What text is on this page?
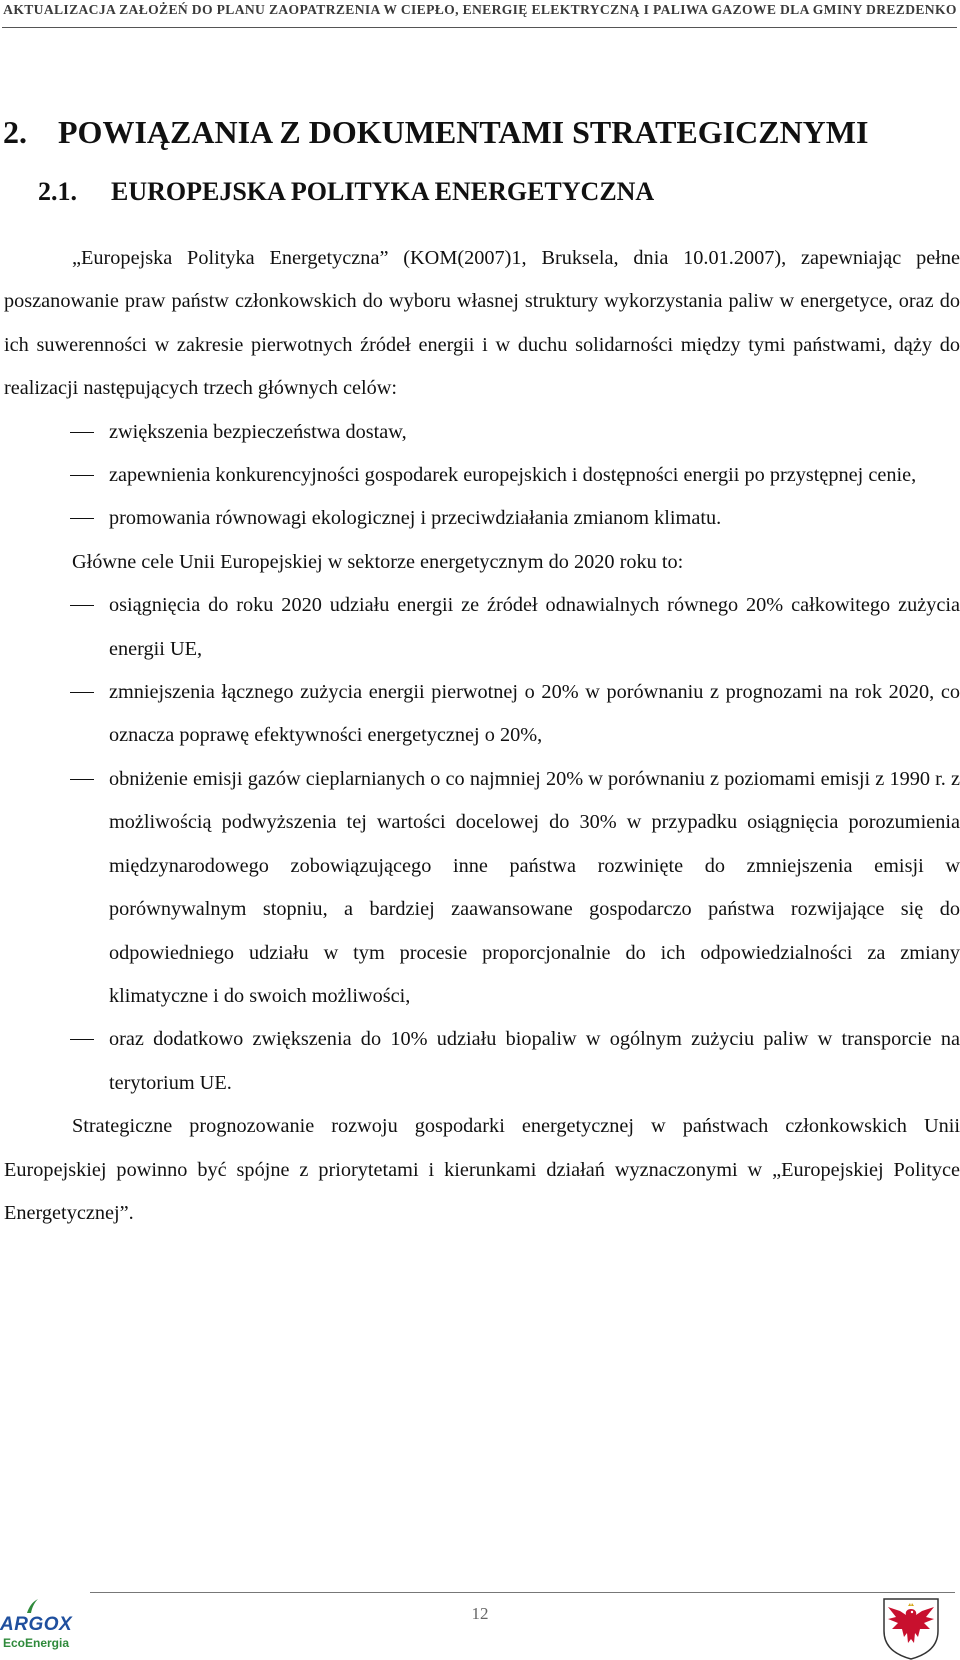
AKTUALIZACJA ZAŁOŻEŃ DO PLANU ZAOPATRZENIA W CIEPŁO, ENERGIĘ ELEKTRYCZNĄ I PALIWA GAZOWE DLA GMINY DREZDENKO
2. POWIĄZANIA Z DOKUMENTAMI STRATEGICZNYMI
2.1. EUROPEJSKA POLITYKA ENERGETYCZNA

„Europejska Polityka Energetyczna” (KOM(2007)1, Bruksela, dnia 10.01.2007), zapewniając pełne poszanowanie praw państw członkowskich do wyboru własnej struktury wykorzystania paliw w energetyce, oraz do ich suwerenności w zakresie pierwotnych źródeł energii i w duchu solidarności między tymi państwami, dąży do realizacji następujących trzech głównych celów:

zwiększenia bezpieczeństwa dostaw,
zapewnienia konkurencyjności gospodarek europejskich i dostępności energii po przystępnej cenie,
promowania równowagi ekologicznej i przeciwdziałania zmianom klimatu.

Główne cele Unii Europejskiej w sektorze energetycznym do 2020 roku to:

osiągnięcia do roku 2020 udziału energii ze źródeł odnawialnych równego 20% całkowitego zużycia energii UE,
zmniejszenia łącznego zużycia energii pierwotnej o 20% w porównaniu z prognozami na rok 2020, co oznacza poprawę efektywności energetycznej o 20%,
obniżenie emisji gazów cieplarnianych o co najmniej 20% w porównaniu z poziomami emisji z 1990 r. z możliwością podwyższenia tej wartości docelowej do 30% w przypadku osiągnięcia porozumienia międzynarodowego zobowiązującego inne państwa rozwinięte do zmniejszenia emisji w porównywalnym stopniu, a bardziej zaawansowane gospodarczo państwa rozwijające się do odpowiedniego udziału w tym procesie proporcjonalnie do ich odpowiedzialności za zmiany klimatyczne i do swoich możliwości,
oraz dodatkowo zwiększenia do 10% udziału biopaliw w ogólnym zużyciu paliw w transporcie na terytorium UE.

Strategiczne prognozowanie rozwoju gospodarki energetycznej w państwach członkowskich Unii Europejskiej powinno być spójne z priorytetami i kierunkami działań wyznaczonymi w „Europejskiej Polityce Energetycznej”.

12
ARGOX
EcoEnergia
